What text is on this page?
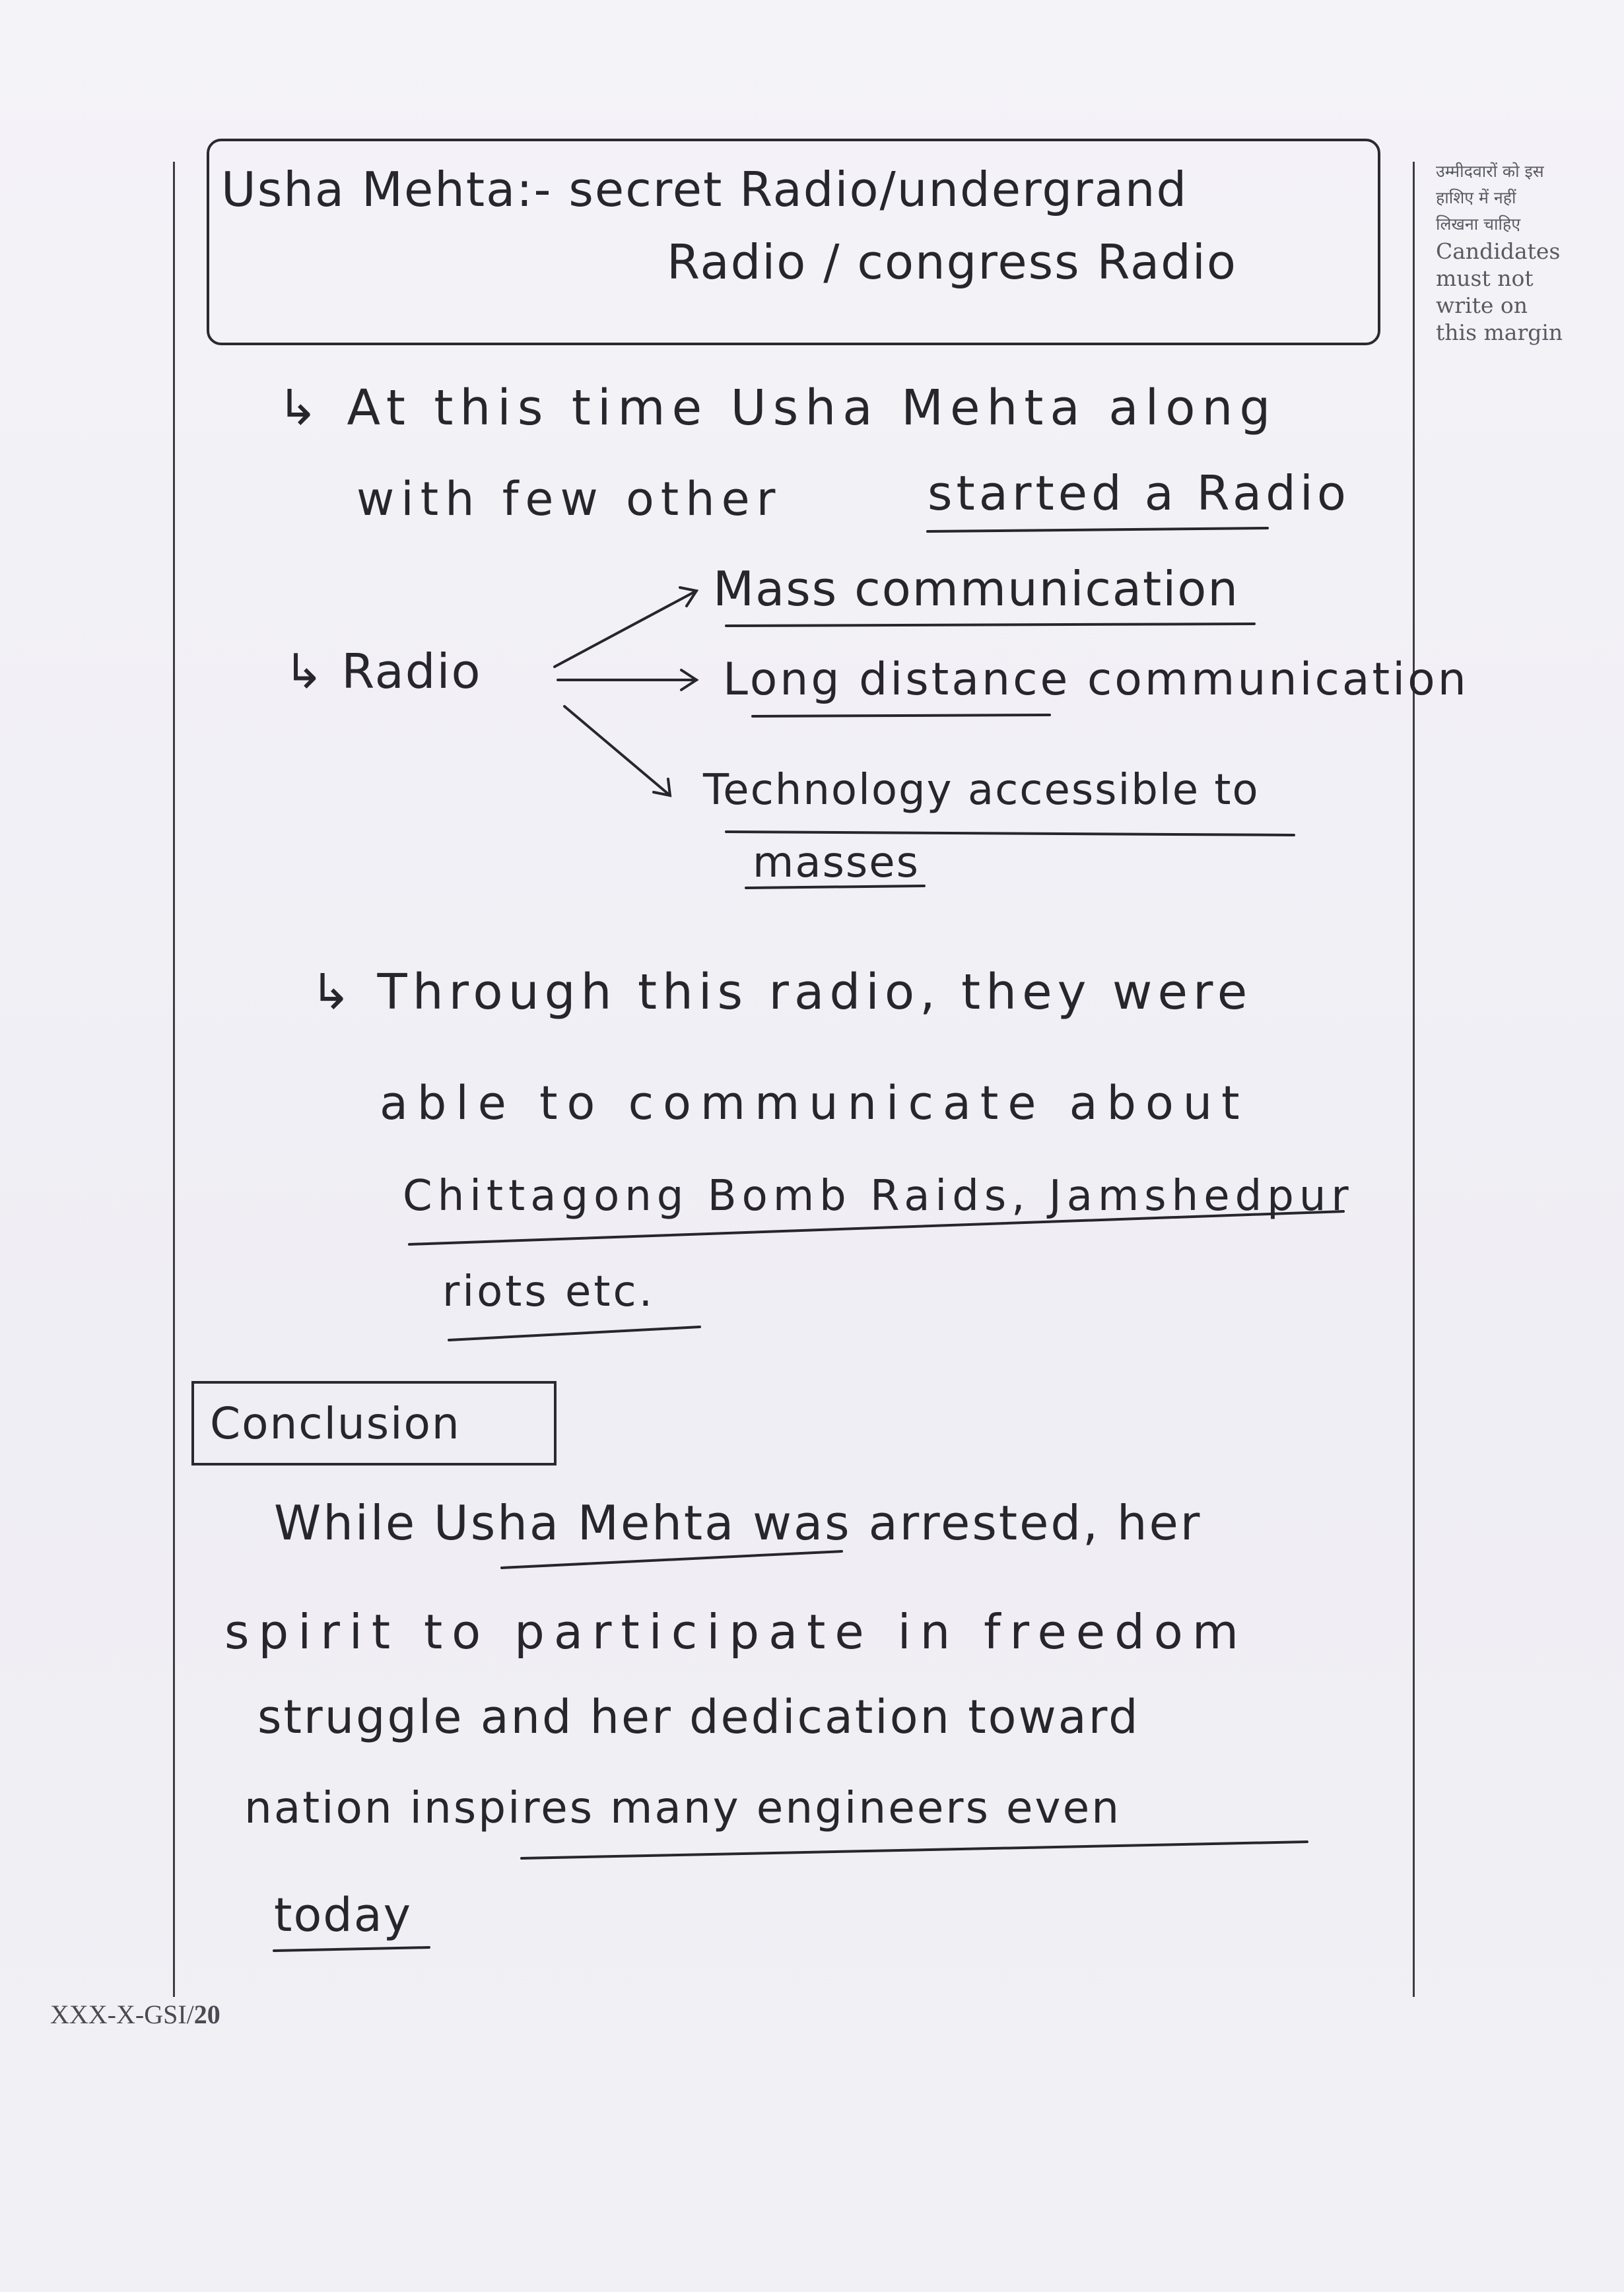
उम्मीदवारों को इस
हाशिए में नहीं
लिखना चाहिए
Candidates
must not
write on
this margin
Usha Mehta:- secret Radio/undergrand
Radio / congress Radio
↳ At this time Usha Mehta along
with few other	started a Radio
↳ Radio
Mass communication
Long distance communication
Technology accessible to
masses
↳ Through this radio, they were
able to communicate about
Chittagong Bomb Raids, Jamshedpur
riots etc.
Conclusion
While Usha Mehta was arrested, her
spirit to participate in freedom
struggle and her dedication toward
nation inspires many engineers even
today
XXX-X-GSI/20
